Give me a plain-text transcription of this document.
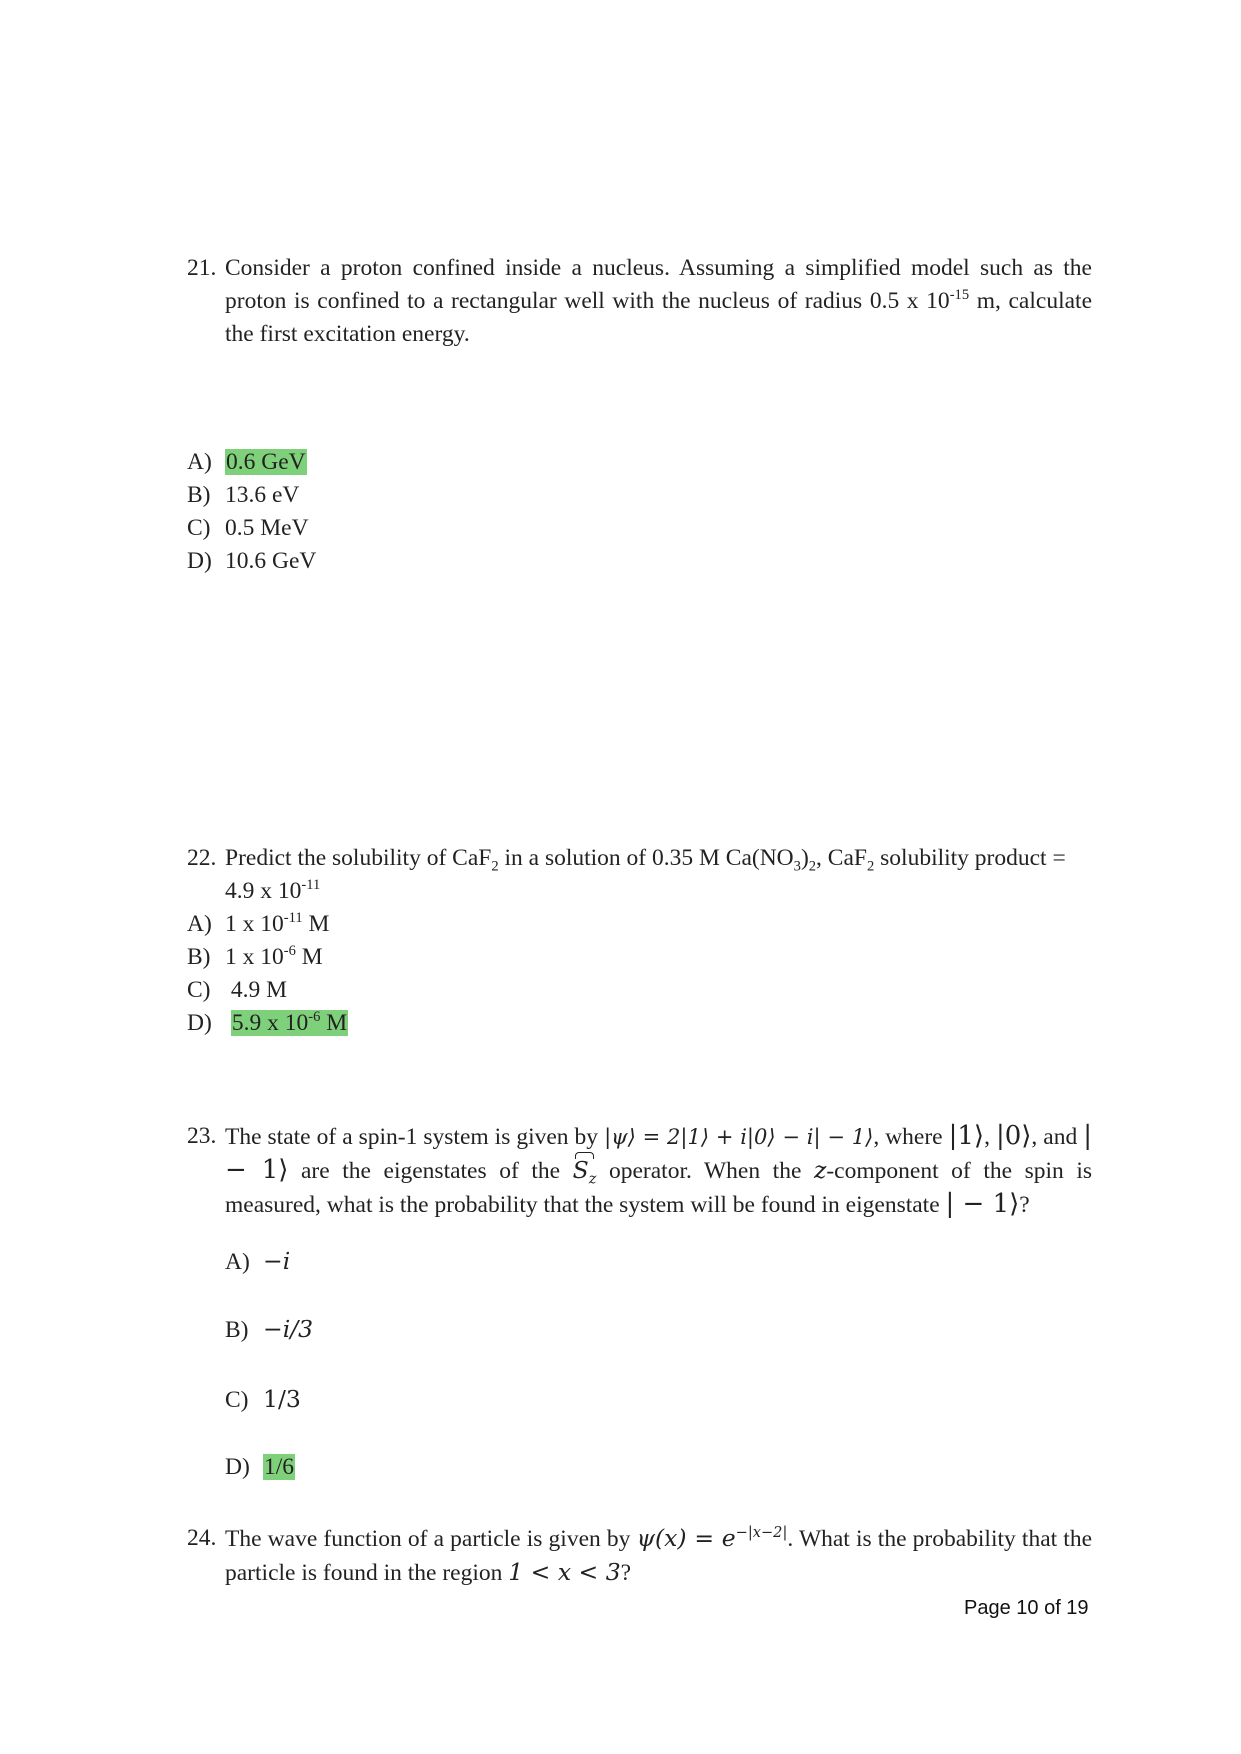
21. Consider a proton confined inside a nucleus. Assuming a simplified model such as the proton is confined to a rectangular well with the nucleus of radius 0.5 x $10^{-15}$ m, calculate the first excitation energy.
A) 0.6 GeV
B) 13.6 eV
C) 0.5 MeV
D) 10.6 GeV
22. Predict the solubility of CaF$_2$ in a solution of 0.35 M $Ca(NO_3)_2$, CaF$_2$ solubility product = 4.9 x $10^{-11}$
A) 1 x $10^{-11}$ M
B) 1 x $10^{-6}$ M
C) 4.9 M
D) 5.9 x $10^{-6}$ M
23. The state of a spin-1 system is given by |ψ⟩ = 2|1⟩ + i|0⟩ − i| − 1⟩, where |1⟩, |0⟩, and | − 1⟩ are the eigenstates of the $S_z$ operator. When the z-component of the spin is measured, what is the probability that the system will be found in eigenstate | − 1⟩?
A) −i
B) −i/3
C) 1/3
D) 1/6
24. The wave function of a particle is given by $\psi(x) = e^{-|x-2|}$. What is the probability that the particle is found in the region 1 < x < 3?
Page 10 of 19
